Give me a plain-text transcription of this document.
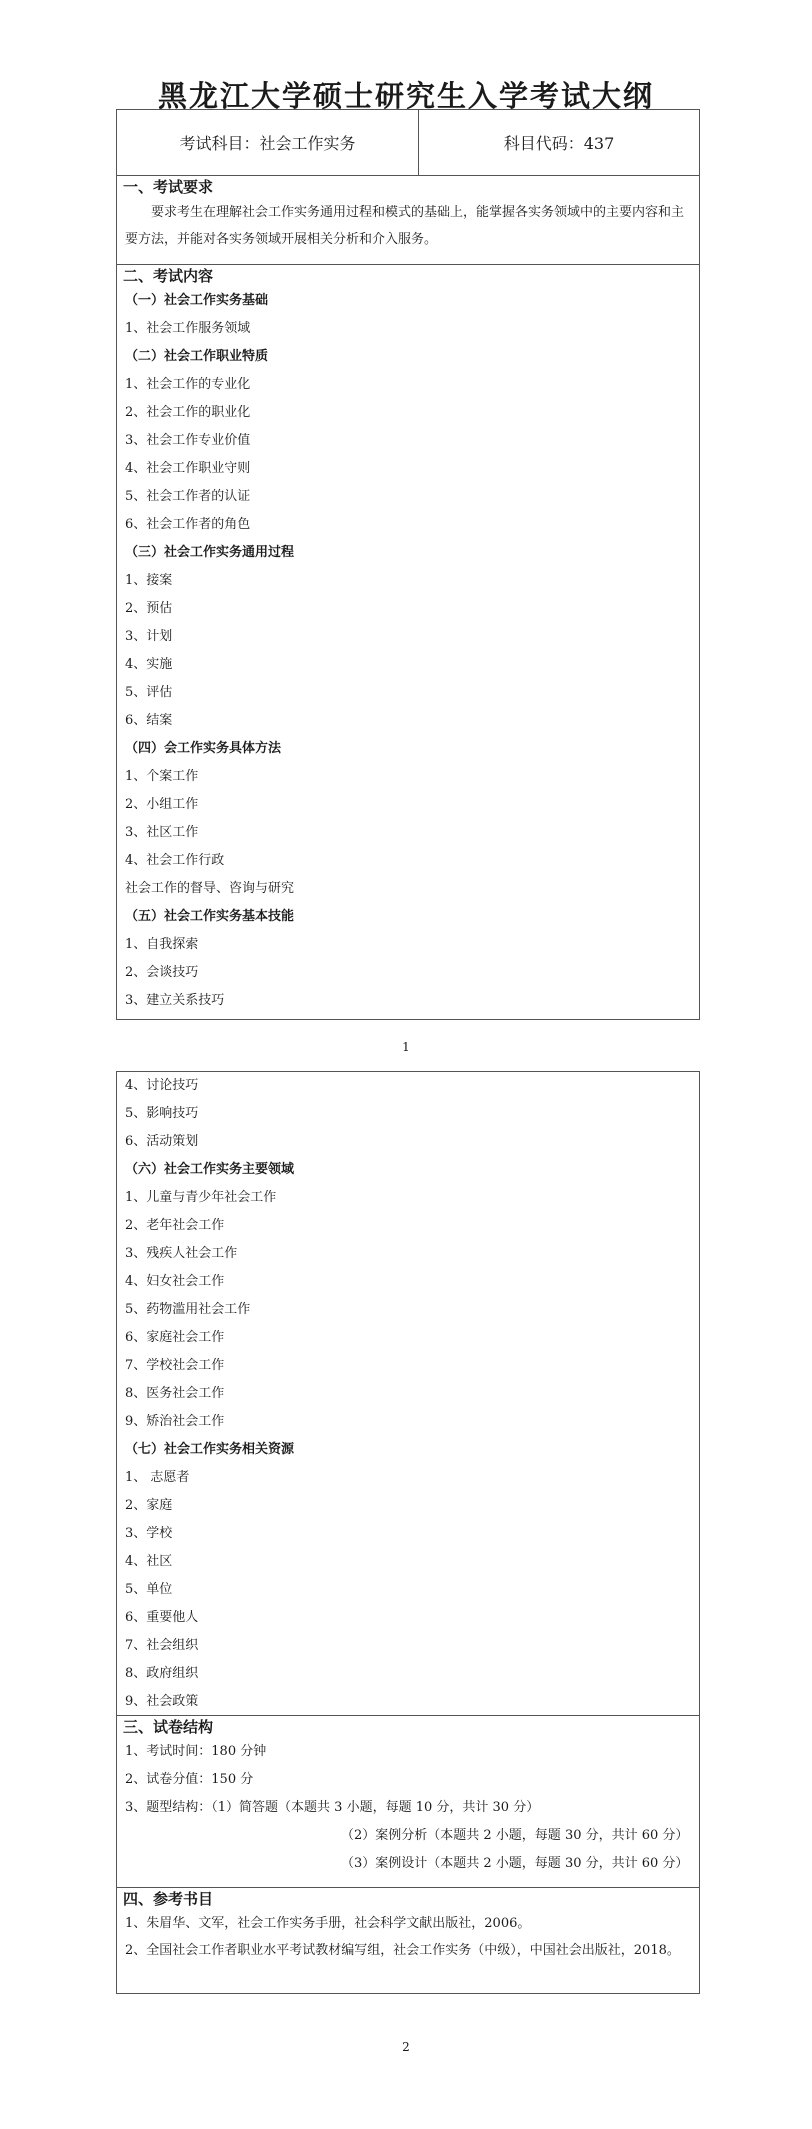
黑龙江大学硕士研究生入学考试大纲
考试科目：社会工作实务	科目代码：437
一、考试要求

要求考生在理解社会工作实务通用过程和模式的基础上，能掌握各实务领域中的主要内容和主要方法，并能对各实务领域开展相关分析和介入服务。

二、考试内容
（一）社会工作实务基础
1、社会工作服务领域
（二）社会工作职业特质
1、社会工作的专业化
2、社会工作的职业化
3、社会工作专业价值
4、社会工作职业守则
5、社会工作者的认证
6、社会工作者的角色
（三）社会工作实务通用过程
1、接案
2、预估
3、计划
4、实施
5、评估
6、结案
（四）会工作实务具体方法
1、个案工作
2、小组工作
3、社区工作
4、社会工作行政
社会工作的督导、咨询与研究
（五）社会工作实务基本技能
1、自我探索
2、会谈技巧
3、建立关系技巧
1
4、讨论技巧
5、影响技巧
6、活动策划
（六）社会工作实务主要领域
1、儿童与青少年社会工作
2、老年社会工作
3、残疾人社会工作
4、妇女社会工作
5、药物滥用社会工作
6、家庭社会工作
7、学校社会工作
8、医务社会工作
9、矫治社会工作
（七）社会工作实务相关资源
1、 志愿者
2、家庭
3、学校
4、社区
5、单位
6、重要他人
7、社会组织
8、政府组织
9、社会政策
三、试卷结构
1、考试时间：180 分钟
2、试卷分值：150 分
3、题型结构：（1）简答题（本题共 3 小题，每题 10 分，共计 30 分）
（2）案例分析（本题共 2 小题，每题 30 分，共计 60 分）
（3）案例设计（本题共 2 小题，每题 30 分，共计 60 分）
四、参考书目

1、朱眉华、文军，社会工作实务手册，社会科学文献出版社，2006。

2、全国社会工作者职业水平考试教材编写组，社会工作实务（中级），中国社会出版社，2018。

2
